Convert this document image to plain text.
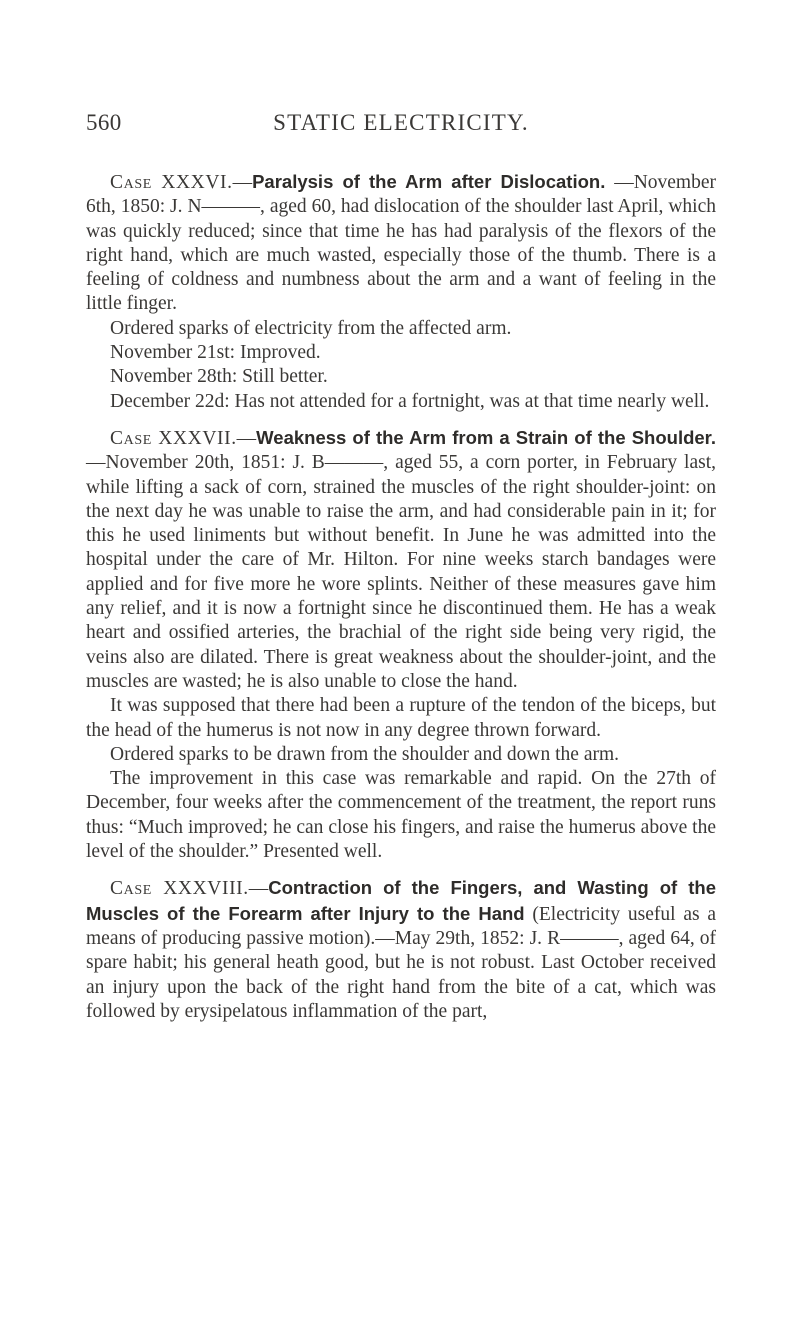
560	STATIC ELECTRICITY.

Case XXXVI.—Paralysis of the Arm after Dislocation. —November 6th, 1850: J. N———, aged 60, had dislocation of the shoulder last April, which was quickly reduced; since that time he has had paralysis of the flexors of the right hand, which are much wasted, especially those of the thumb. There is a feeling of coldness and numbness about the arm and a want of feeling in the little finger.

Ordered sparks of electricity from the affected arm.

November 21st: Improved.

November 28th: Still better.

December 22d: Has not attended for a fortnight, was at that time nearly well.

Case XXXVII.—Weakness of the Arm from a Strain of the Shoulder.—November 20th, 1851: J. B———, aged 55, a corn porter, in February last, while lifting a sack of corn, strained the muscles of the right shoulder-joint: on the next day he was unable to raise the arm, and had considerable pain in it; for this he used liniments but without benefit. In June he was admitted into the hospital under the care of Mr. Hilton. For nine weeks starch bandages were applied and for five more he wore splints. Neither of these measures gave him any relief, and it is now a fortnight since he discontinued them. He has a weak heart and ossified arteries, the brachial of the right side being very rigid, the veins also are dilated. There is great weakness about the shoulder-joint, and the muscles are wasted; he is also unable to close the hand.

It was supposed that there had been a rupture of the tendon of the biceps, but the head of the humerus is not now in any degree thrown forward.

Ordered sparks to be drawn from the shoulder and down the arm.

The improvement in this case was remarkable and rapid. On the 27th of December, four weeks after the commencement of the treatment, the report runs thus: “Much improved; he can close his fingers, and raise the humerus above the level of the shoulder.” Presented well.

Case XXXVIII.—Contraction of the Fingers, and Wasting of the Muscles of the Forearm after Injury to the Hand (Electricity useful as a means of producing passive motion).—May 29th, 1852: J. R———, aged 64, of spare habit; his general heath good, but he is not robust. Last October received an injury upon the back of the right hand from the bite of a cat, which was followed by erysipelatous inflammation of the part,
